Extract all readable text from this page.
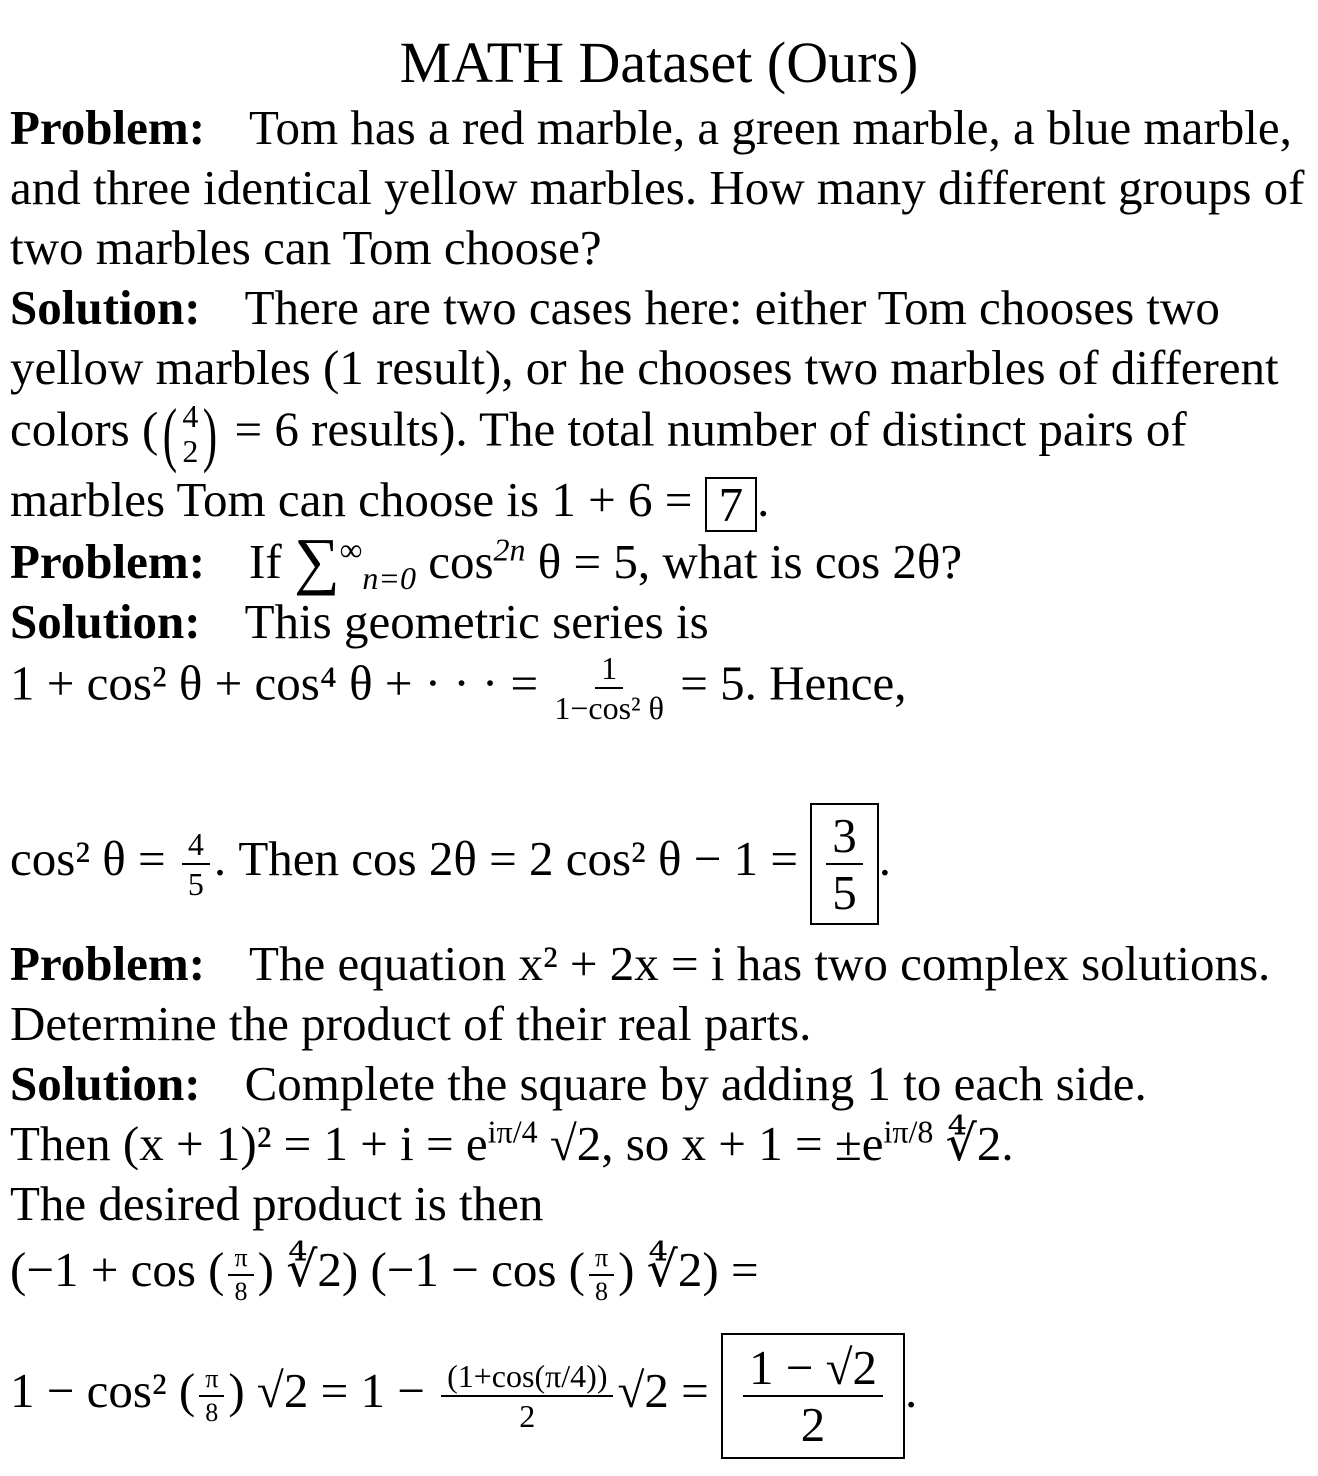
MATH Dataset (Ours)

Problem: Tom has a red marble, a green marble, a blue marble, and three identical yellow marbles. How many different groups of two marbles can Tom choose?

Solution: There are two cases here: either Tom chooses two yellow marbles (1 result), or he chooses two marbles of different colors ( ( 4
2 ) = 6 results). The total number of distinct pairs of marbles Tom can choose is 1 + 6 = 7 .

Problem: If $\sum^\infty_{n=0}$ $\cos^{2n} \theta = 5$, what is cos 2θ?

Solution: This geometric series is

1 + cos² θ + cos⁴ θ + · · · = $\frac{1}{\text{1−cos² θ}} = 5$. Hence,

cos² $\theta = \frac{4}{5}$ . Then cos 2θ = 2 cos² $\theta - 1 = \frac{3}{5}$ .

Problem: The equation x² + 2x = i has two complex solutions. Determine the product of their real parts.

Solution: Complete the square by adding 1 to each side.

Then $(x + 1)^2 = 1 + i = e^{i\pi/4}$ √2, so $x + 1 = \pm e^{i\pi/8}$ ∜2.

The desired product is then

(−1 + cos ( $\frac{\pi}{8}$ ) ∜2) (−1 − cos ( $\frac{\pi}{8}$ ) ∜2) =

1 − cos² ( $\frac{\pi}{8}$ ) $√2 = 1 - \frac{(1+\cos(\pi/4))}{2} √2 = \frac{1 - √2}{2}$ .
